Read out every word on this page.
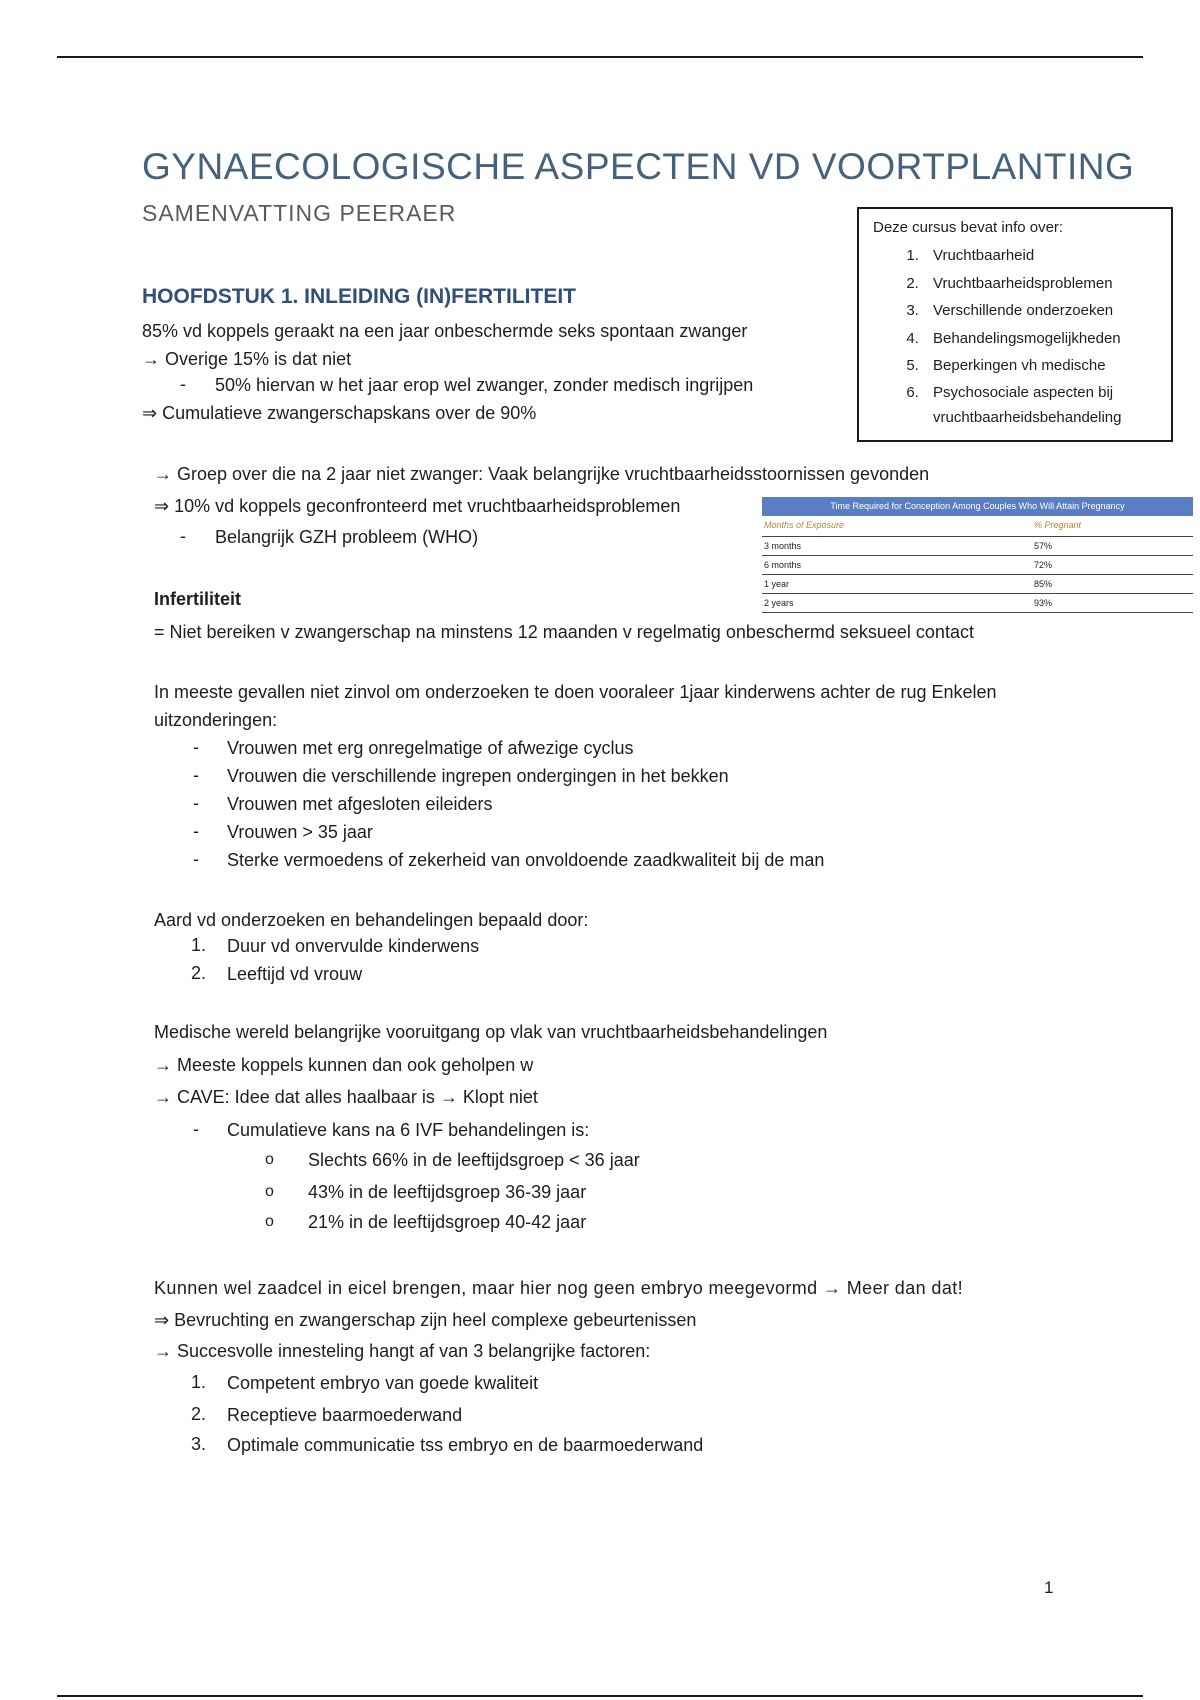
GYNAECOLOGISCHE ASPECTEN VD VOORTPLANTING
SAMENVATTING PEERAER
Deze cursus bevat info over:
1. Vruchtbaarheid
2. Vruchtbaarheidsproblemen
3. Verschillende onderzoeken
4. Behandelingsmogelijkheden
5. Beperkingen vh medische
6. Psychosociale aspecten bij vruchtbaarheidsbehandeling
HOOFDSTUK 1. INLEIDING (IN)FERTILITEIT
85% vd koppels geraakt na een jaar onbeschermde seks spontaan zwanger
→ Overige 15% is dat niet
- 50% hiervan w het jaar erop wel zwanger, zonder medisch ingrijpen
⇒ Cumulatieve zwangerschapskans over de 90%
→ Groep over die na 2 jaar niet zwanger: Vaak belangrijke vruchtbaarheidsstoornissen gevonden
⇒ 10% vd koppels geconfronteerd met vruchtbaarheidsproblemen
- Belangrijk GZH probleem (WHO)
Time Required for Conception Among Couples Who Will Attain Pregnancy
Months of Exposure	% Pregnant
3 months	57%
6 months	72%
1 year	85%
2 years	93%
Infertiliteit
= Niet bereiken v zwangerschap na minstens 12 maanden v regelmatig onbeschermd seksueel contact
In meeste gevallen niet zinvol om onderzoeken te doen vooraleer 1jaar kinderwens achter de rug Enkelen
uitzonderingen:
- Vrouwen met erg onregelmatige of afwezige cyclus
- Vrouwen die verschillende ingrepen ondergingen in het bekken
- Vrouwen met afgesloten eileiders
- Vrouwen > 35 jaar
- Sterke vermoedens of zekerheid van onvoldoende zaadkwaliteit bij de man
Aard vd onderzoeken en behandelingen bepaald door:
1. Duur vd onvervulde kinderwens
2. Leeftijd vd vrouw
Medische wereld belangrijke vooruitgang op vlak van vruchtbaarheidsbehandelingen
→ Meeste koppels kunnen dan ook geholpen w
→ CAVE: Idee dat alles haalbaar is → Klopt niet
- Cumulatieve kans na 6 IVF behandelingen is:
o Slechts 66% in de leeftijdsgroep < 36 jaar
o 43% in de leeftijdsgroep 36-39 jaar
o 21% in de leeftijdsgroep 40-42 jaar
Kunnen wel zaadcel in eicel brengen, maar hier nog geen embryo meegevormd → Meer dan dat!
⇒ Bevruchting en zwangerschap zijn heel complexe gebeurtenissen
→ Succesvolle innesteling hangt af van 3 belangrijke factoren:
1. Competent embryo van goede kwaliteit
2. Receptieve baarmoederwand
3. Optimale communicatie tss embryo en de baarmoederwand
1
